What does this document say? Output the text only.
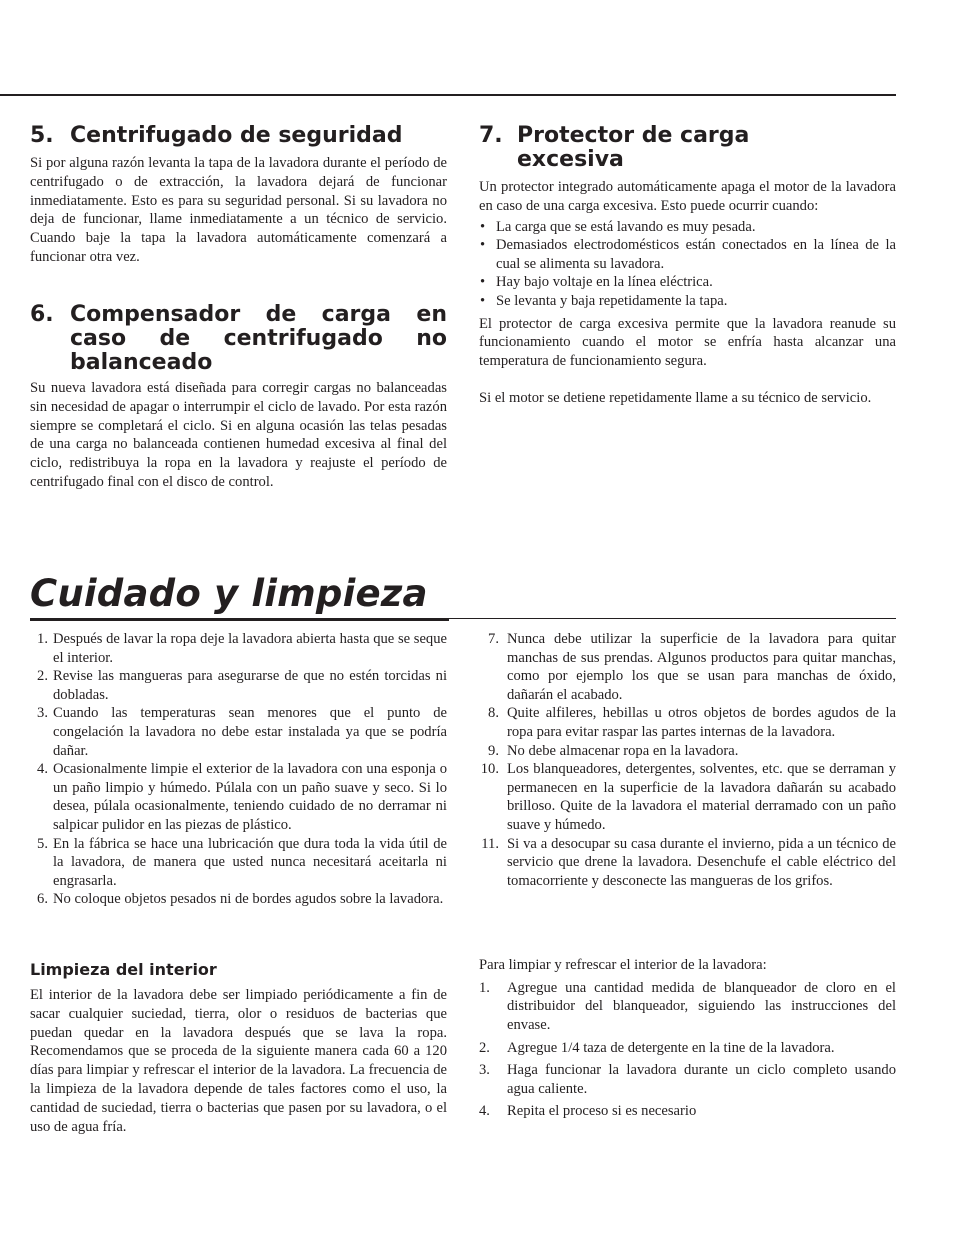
5. Centrifugado de seguridad

Si por alguna razón levanta la tapa de la lavadora durante el período de centrifugado o de extracción, la lavadora dejará de funcionar inmediatamente. Esto es para su seguridad personal. Si su lavadora no deja de funcionar, llame inmediatamente a un técnico de servicio. Cuando baje la tapa la lavadora automáticamente comenzará a funcionar otra vez.

6. Compensador de carga en caso de centrifugado no balanceado

Su nueva lavadora está diseñada para corregir cargas no balanceadas sin necesidad de apagar o interrumpir el ciclo de lavado. Por esta razón siempre se completará el ciclo. Si en alguna ocasión las telas pesadas de una carga no balanceada contienen humedad excesiva al final del ciclo, redistribuya la ropa en la lavadora y reajuste el período de centrifugado final con el disco de control.

7. Protector de carga excesiva

Un protector integrado automáticamente apaga el motor de la lavadora en caso de una carga excesiva. Esto puede ocurrir cuando:

• La carga que se está lavando es muy pesada.
• Demasiados electrodomésticos están conectados en la línea de la cual se alimenta su lavadora.
• Hay bajo voltaje en la línea eléctrica.
• Se levanta y baja repetidamente la tapa.

El protector de carga excesiva permite que la lavadora reanude su funcionamiento cuando el motor se enfría hasta alcanzar una temperatura de funcionamiento segura.

Si el motor se detiene repetidamente llame a su técnico de servicio.

Cuidado y limpieza
1. Después de lavar la ropa deje la lavadora abierta hasta que se seque el interior.
2. Revise las mangueras para asegurarse de que no estén torcidas ni dobladas.
3. Cuando las temperaturas sean menores que el punto de congelación la lavadora no debe estar instalada ya que se podría dañar.
4. Ocasionalmente limpie el exterior de la lavadora con una esponja o un paño limpio y húmedo. Púlala con un paño suave y seco. Si lo desea, púlala ocasionalmente, teniendo cuidado de no derramar ni salpicar pulidor en las piezas de plástico.
5. En la fábrica se hace una lubricación que dura toda la vida útil de la lavadora, de manera que usted nunca necesitará aceitarla ni engrasarla.
6. No coloque objetos pesados ni de bordes agudos sobre la lavadora.
7. Nunca debe utilizar la superficie de la lavadora para quitar manchas de sus prendas. Algunos productos para quitar manchas, como por ejemplo los que se usan para manchas de óxido, dañarán el acabado.
8. Quite alfileres, hebillas u otros objetos de bordes agudos de la ropa para evitar raspar las partes internas de la lavadora.
9. No debe almacenar ropa en la lavadora.
10. Los blanqueadores, detergentes, solventes, etc. que se derraman y permanecen en la superficie de la lavadora dañarán su acabado brilloso. Quite de la lavadora el material derramado con un paño suave y húmedo.
11. Si va a desocupar su casa durante el invierno, pida a un técnico de servicio que drene la lavadora. Desenchufe el cable eléctrico del tomacorriente y desconecte las mangueras de los grifos.
Limpieza del interior

El interior de la lavadora debe ser limpiado periódicamente a fin de sacar cualquier suciedad, tierra, olor o residuos de bacterias que puedan quedar en la lavadora después que se lava la ropa. Recomendamos que se proceda de la siguiente manera cada 60 a 120 días para limpiar y refrescar el interior de la lavadora. La frecuencia de la limpieza de la lavadora depende de tales factores como el uso, la cantidad de suciedad, tierra o bacterias que pasen por su lavadora, o el uso de agua fría.

Para limpiar y refrescar el interior de la lavadora:

1. Agregue una cantidad medida de blanqueador de cloro en el distribuidor del blanqueador, siguiendo las instrucciones del envase.
2. Agregue 1/4 taza de detergente en la tine de la lavadora.
3. Haga funcionar la lavadora durante un ciclo completo usando agua caliente.
4. Repita el proceso si es necesario
